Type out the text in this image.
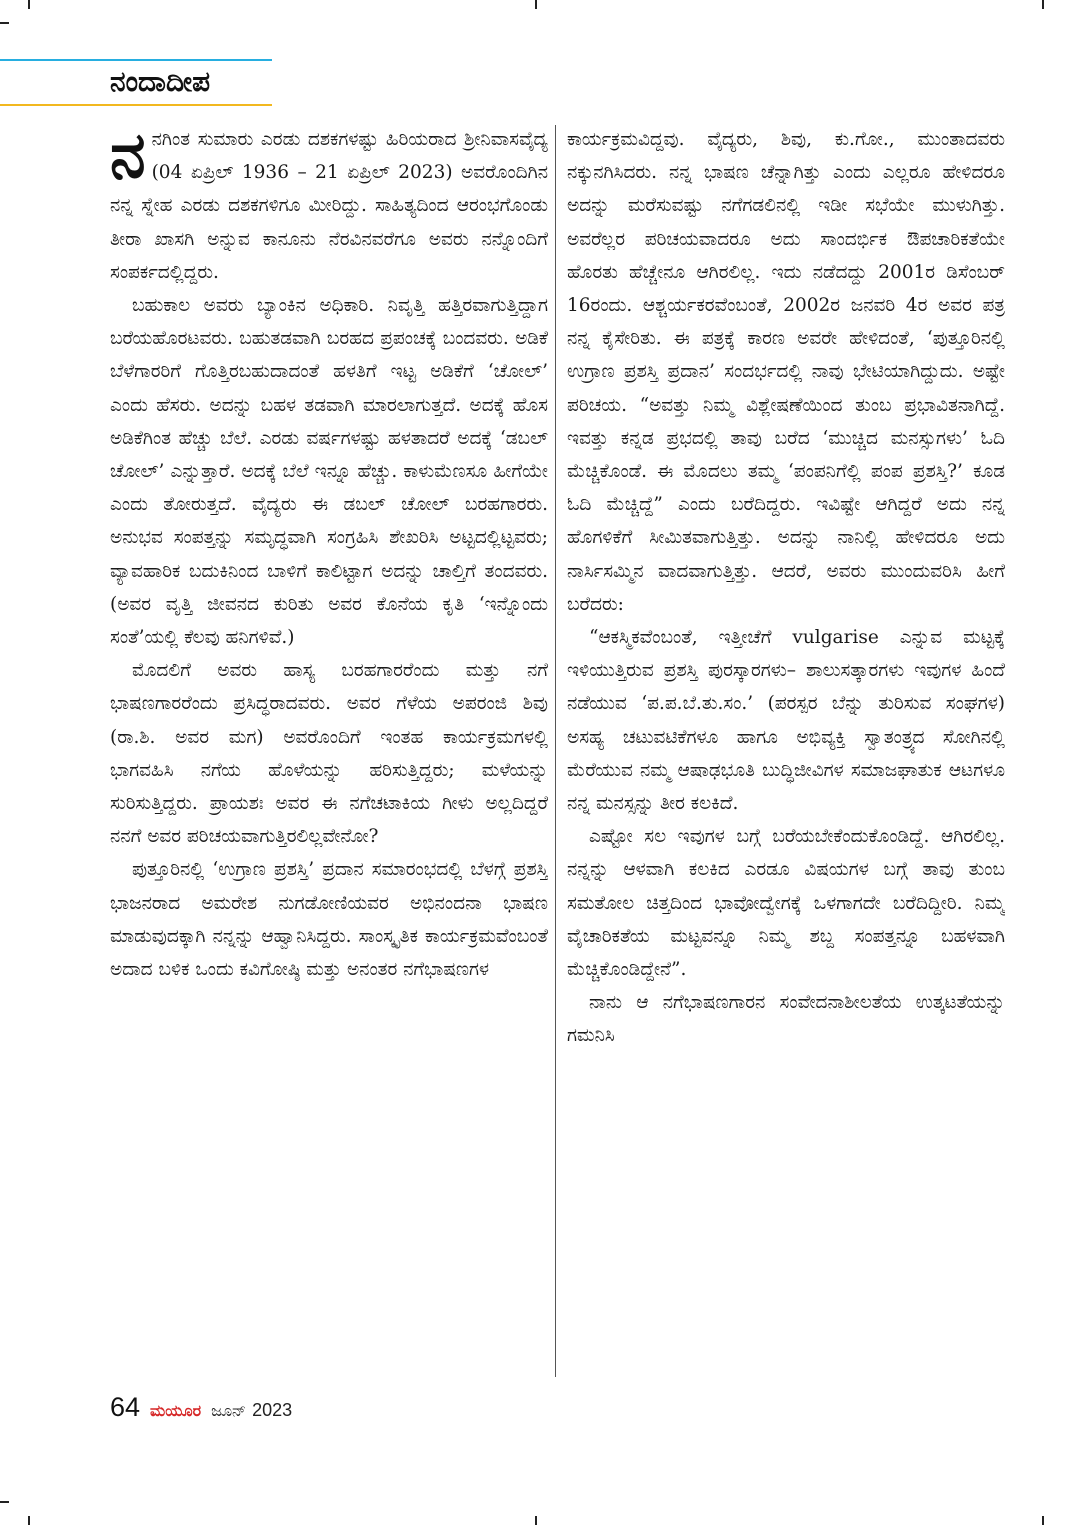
ನಂದಾದೀಪ

ನನಗಿಂತ ಸುಮಾರು ಎರಡು ದಶಕಗಳಷ್ಟು ಹಿರಿಯರಾದ ಶ್ರೀನಿವಾಸವೈದ್ಯ (04 ಏಪ್ರಿಲ್ 1936 – 21 ಏಪ್ರಿಲ್ 2023) ಅವರೊಂದಿಗಿನ ನನ್ನ ಸ್ನೇಹ ಎರಡು ದಶಕಗಳಿಗೂ ಮೀರಿದ್ದು. ಸಾಹಿತ್ಯದಿಂದ ಆರಂಭಗೊಂಡು ತೀರಾ ಖಾಸಗಿ ಅನ್ನುವ ಕಾನೂನು ನೆರವಿನವರೆಗೂ ಅವರು ನನ್ನೊಂದಿಗೆ ಸಂಪರ್ಕದಲ್ಲಿದ್ದರು.

ಬಹುಕಾಲ ಅವರು ಬ್ಯಾಂಕಿನ ಅಧಿಕಾರಿ. ನಿವೃತ್ತಿ ಹತ್ತಿರವಾಗುತ್ತಿದ್ದಾಗ ಬರೆಯಹೊರಟವರು. ಬಹುತಡವಾಗಿ ಬರಹದ ಪ್ರಪಂಚಕ್ಕೆ ಬಂದವರು. ಅಡಿಕೆ ಬೆಳೆಗಾರರಿಗೆ ಗೊತ್ತಿರಬಹುದಾದಂತೆ ಹಳತಿಗೆ ಇಟ್ಟ ಅಡಿಕೆಗೆ ‘ಚೋಲ್’ ಎಂದು ಹೆಸರು. ಅದನ್ನು ಬಹಳ ತಡವಾಗಿ ಮಾರಲಾಗುತ್ತದೆ. ಅದಕ್ಕೆ ಹೊಸ ಅಡಿಕೆಗಿಂತ ಹೆಚ್ಚು ಬೆಲೆ. ಎರಡು ವರ್ಷಗಳಷ್ಟು ಹಳತಾದರೆ ಅದಕ್ಕೆ ‘ಡಬಲ್ ಚೋಲ್’ ಎನ್ನುತ್ತಾರೆ. ಅದಕ್ಕೆ ಬೆಲೆ ಇನ್ನೂ ಹೆಚ್ಚು. ಕಾಳುಮೆಣಸೂ ಹೀಗೆಯೇ ಎಂದು ತೋರುತ್ತದೆ. ವೈದ್ಯರು ಈ ಡಬಲ್ ಚೋಲ್ ಬರಹಗಾರರು. ಅನುಭವ ಸಂಪತ್ತನ್ನು ಸಮೃದ್ಧವಾಗಿ ಸಂಗ್ರಹಿಸಿ ಶೇಖರಿಸಿ ಅಟ್ಟದಲ್ಲಿಟ್ಟವರು; ವ್ಯಾವಹಾರಿಕ ಬದುಕಿನಿಂದ ಬಾಳಿಗೆ ಕಾಲಿಟ್ಟಾಗ ಅದನ್ನು ಚಾಲ್ತಿಗೆ ತಂದವರು. (ಅವರ ವೃತ್ತಿ ಜೀವನದ ಕುರಿತು ಅವರ ಕೊನೆಯ ಕೃತಿ ‘ಇನ್ನೊಂದು ಸಂತೆ’ಯಲ್ಲಿ ಕೆಲವು ಹನಿಗಳಿವೆ.)

ಮೊದಲಿಗೆ ಅವರು ಹಾಸ್ಯ ಬರಹಗಾರರೆಂದು ಮತ್ತು ನಗೆ ಭಾಷಣಗಾರರೆಂದು ಪ್ರಸಿದ್ಧರಾದವರು. ಅವರ ಗೆಳೆಯ ಅಪರಂಜಿ ಶಿವು (ರಾ.ಶಿ. ಅವರ ಮಗ) ಅವರೊಂದಿಗೆ ಇಂತಹ ಕಾರ್ಯಕ್ರಮಗಳಲ್ಲಿ ಭಾಗವಹಿಸಿ ನಗೆಯ ಹೊಳೆಯನ್ನು ಹರಿಸುತ್ತಿದ್ದರು; ಮಳೆಯನ್ನು ಸುರಿಸುತ್ತಿದ್ದರು. ಪ್ರಾಯಶಃ ಅವರ ಈ ನಗೆಚಟಾಕಿಯ ಗೀಳು ಅಲ್ಲದಿದ್ದರೆ ನನಗೆ ಅವರ ಪರಿಚಯವಾಗುತ್ತಿರಲಿಲ್ಲವೇನೋ?

ಪುತ್ತೂರಿನಲ್ಲಿ ‘ಉಗ್ರಾಣ ಪ್ರಶಸ್ತಿ’ ಪ್ರದಾನ ಸಮಾರಂಭದಲ್ಲಿ ಬೆಳಗ್ಗೆ ಪ್ರಶಸ್ತಿ ಭಾಜನರಾದ ಅಮರೇಶ ನುಗಡೋಣಿಯವರ ಅಭಿನಂದನಾ ಭಾಷಣ ಮಾಡುವುದಕ್ಕಾಗಿ ನನ್ನನ್ನು ಆಹ್ವಾನಿಸಿದ್ದರು. ಸಾಂಸ್ಕೃತಿಕ ಕಾರ್ಯಕ್ರಮವೆಂಬಂತೆ ಅದಾದ ಬಳಿಕ ಒಂದು ಕವಿಗೋಷ್ಠಿ ಮತ್ತು ಅನಂತರ ನಗೆಭಾಷಣಗಳ

ಕಾರ್ಯಕ್ರಮವಿದ್ದವು. ವೈದ್ಯರು, ಶಿವು, ಕು.ಗೋ., ಮುಂತಾದವರು ನಕ್ಕುನಗಿಸಿದರು. ನನ್ನ ಭಾಷಣ ಚೆನ್ನಾಗಿತ್ತು ಎಂದು ಎಲ್ಲರೂ ಹೇಳಿದರೂ ಅದನ್ನು ಮರೆಸುವಷ್ಟು ನಗೆಗಡಲಿನಲ್ಲಿ ಇಡೀ ಸಭೆಯೇ ಮುಳುಗಿತ್ತು. ಅವರೆಲ್ಲರ ಪರಿಚಯವಾದರೂ ಅದು ಸಾಂದರ್ಭಿಕ ಔಪಚಾರಿಕತೆಯೇ ಹೊರತು ಹೆಚ್ಚೇನೂ ಆಗಿರಲಿಲ್ಲ. ಇದು ನಡೆದದ್ದು 2001ರ ಡಿಸೆಂಬರ್ 16ರಂದು. ಆಶ್ಚರ್ಯಕರವೆಂಬಂತೆ, 2002ರ ಜನವರಿ 4ರ ಅವರ ಪತ್ರ ನನ್ನ ಕೈಸೇರಿತು. ಈ ಪತ್ರಕ್ಕೆ ಕಾರಣ ಅವರೇ ಹೇಳಿದಂತೆ, ‘ಪುತ್ತೂರಿನಲ್ಲಿ ಉಗ್ರಾಣ ಪ್ರಶಸ್ತಿ ಪ್ರದಾನ’ ಸಂದರ್ಭದಲ್ಲಿ ನಾವು ಭೇಟಿಯಾಗಿದ್ದುದು. ಅಷ್ಟೇ ಪರಿಚಯ. “ಅವತ್ತು ನಿಮ್ಮ ವಿಶ್ಲೇಷಣೆಯಿಂದ ತುಂಬ ಪ್ರಭಾವಿತನಾಗಿದ್ದೆ. ಇವತ್ತು ಕನ್ನಡ ಪ್ರಭದಲ್ಲಿ ತಾವು ಬರೆದ ‘ಮುಚ್ಚಿದ ಮನಸ್ಸುಗಳು’ ಓದಿ ಮೆಚ್ಚಿಕೊಂಡೆ. ಈ ಮೊದಲು ತಮ್ಮ ‘ಪಂಪನಿಗೆಲ್ಲಿ ಪಂಪ ಪ್ರಶಸ್ತಿ?’ ಕೂಡ ಓದಿ ಮೆಚ್ಚಿದ್ದೆ” ಎಂದು ಬರೆದಿದ್ದರು. ಇವಿಷ್ಟೇ ಆಗಿದ್ದರೆ ಅದು ನನ್ನ ಹೊಗಳಿಕೆಗೆ ಸೀಮಿತವಾಗುತ್ತಿತ್ತು. ಅದನ್ನು ನಾನಿಲ್ಲಿ ಹೇಳಿದರೂ ಅದು ನಾರ್ಸಿಸಮ್ಮಿನ ವಾದವಾಗುತ್ತಿತ್ತು. ಆದರೆ, ಅವರು ಮುಂದುವರಿಸಿ ಹೀಗೆ ಬರೆದರು:

“ಆಕಸ್ಮಿಕವೆಂಬಂತೆ, ಇತ್ತೀಚೆಗೆ vulgarise ಎನ್ನುವ ಮಟ್ಟಕ್ಕೆ ಇಳಿಯುತ್ತಿರುವ ಪ್ರಶಸ್ತಿ ಪುರಸ್ಕಾರಗಳು– ಶಾಲುಸತ್ಕಾರಗಳು ಇವುಗಳ ಹಿಂದೆ ನಡೆಯುವ ‘ಪ.ಪ.ಬೆ.ತು.ಸಂ.’ (ಪರಸ್ಪರ ಬೆನ್ನು ತುರಿಸುವ ಸಂಘಗಳ) ಅಸಹ್ಯ ಚಟುವಟಿಕೆಗಳೂ ಹಾಗೂ ಅಭಿವ್ಯಕ್ತಿ ಸ್ವಾತಂತ್ರ್ಯದ ಸೋಗಿನಲ್ಲಿ ಮೆರೆಯುವ ನಮ್ಮ ಆಷಾಢಭೂತಿ ಬುದ್ಧಿಜೀವಿಗಳ ಸಮಾಜಘಾತುಕ ಆಟಗಳೂ ನನ್ನ ಮನಸ್ಸನ್ನು ತೀರ ಕಲಕಿದೆ.

ಎಷ್ಟೋ ಸಲ ಇವುಗಳ ಬಗ್ಗೆ ಬರೆಯಬೇಕೆಂದುಕೊಂಡಿದ್ದೆ. ಆಗಿರಲಿಲ್ಲ. ನನ್ನನ್ನು ಆಳವಾಗಿ ಕಲಕಿದ ಎರಡೂ ವಿಷಯಗಳ ಬಗ್ಗೆ ತಾವು ತುಂಬ ಸಮತೋಲ ಚಿತ್ತದಿಂದ ಭಾವೋದ್ವೇಗಕ್ಕೆ ಒಳಗಾಗದೇ ಬರೆದಿದ್ದೀರಿ. ನಿಮ್ಮ ವೈಚಾರಿಕತೆಯ ಮಟ್ಟವನ್ನೂ ನಿಮ್ಮ ಶಬ್ದ ಸಂಪತ್ತನ್ನೂ ಬಹಳವಾಗಿ ಮೆಚ್ಚಿಕೊಂಡಿದ್ದೇನೆ”.

ನಾನು ಆ ನಗೆಭಾಷಣಗಾರನ ಸಂವೇದನಾಶೀಲತೆಯ ಉತ್ಕಟತೆಯನ್ನು ಗಮನಿಸಿ

64 ಮಯೂರ ಜೂನ್ 2023
